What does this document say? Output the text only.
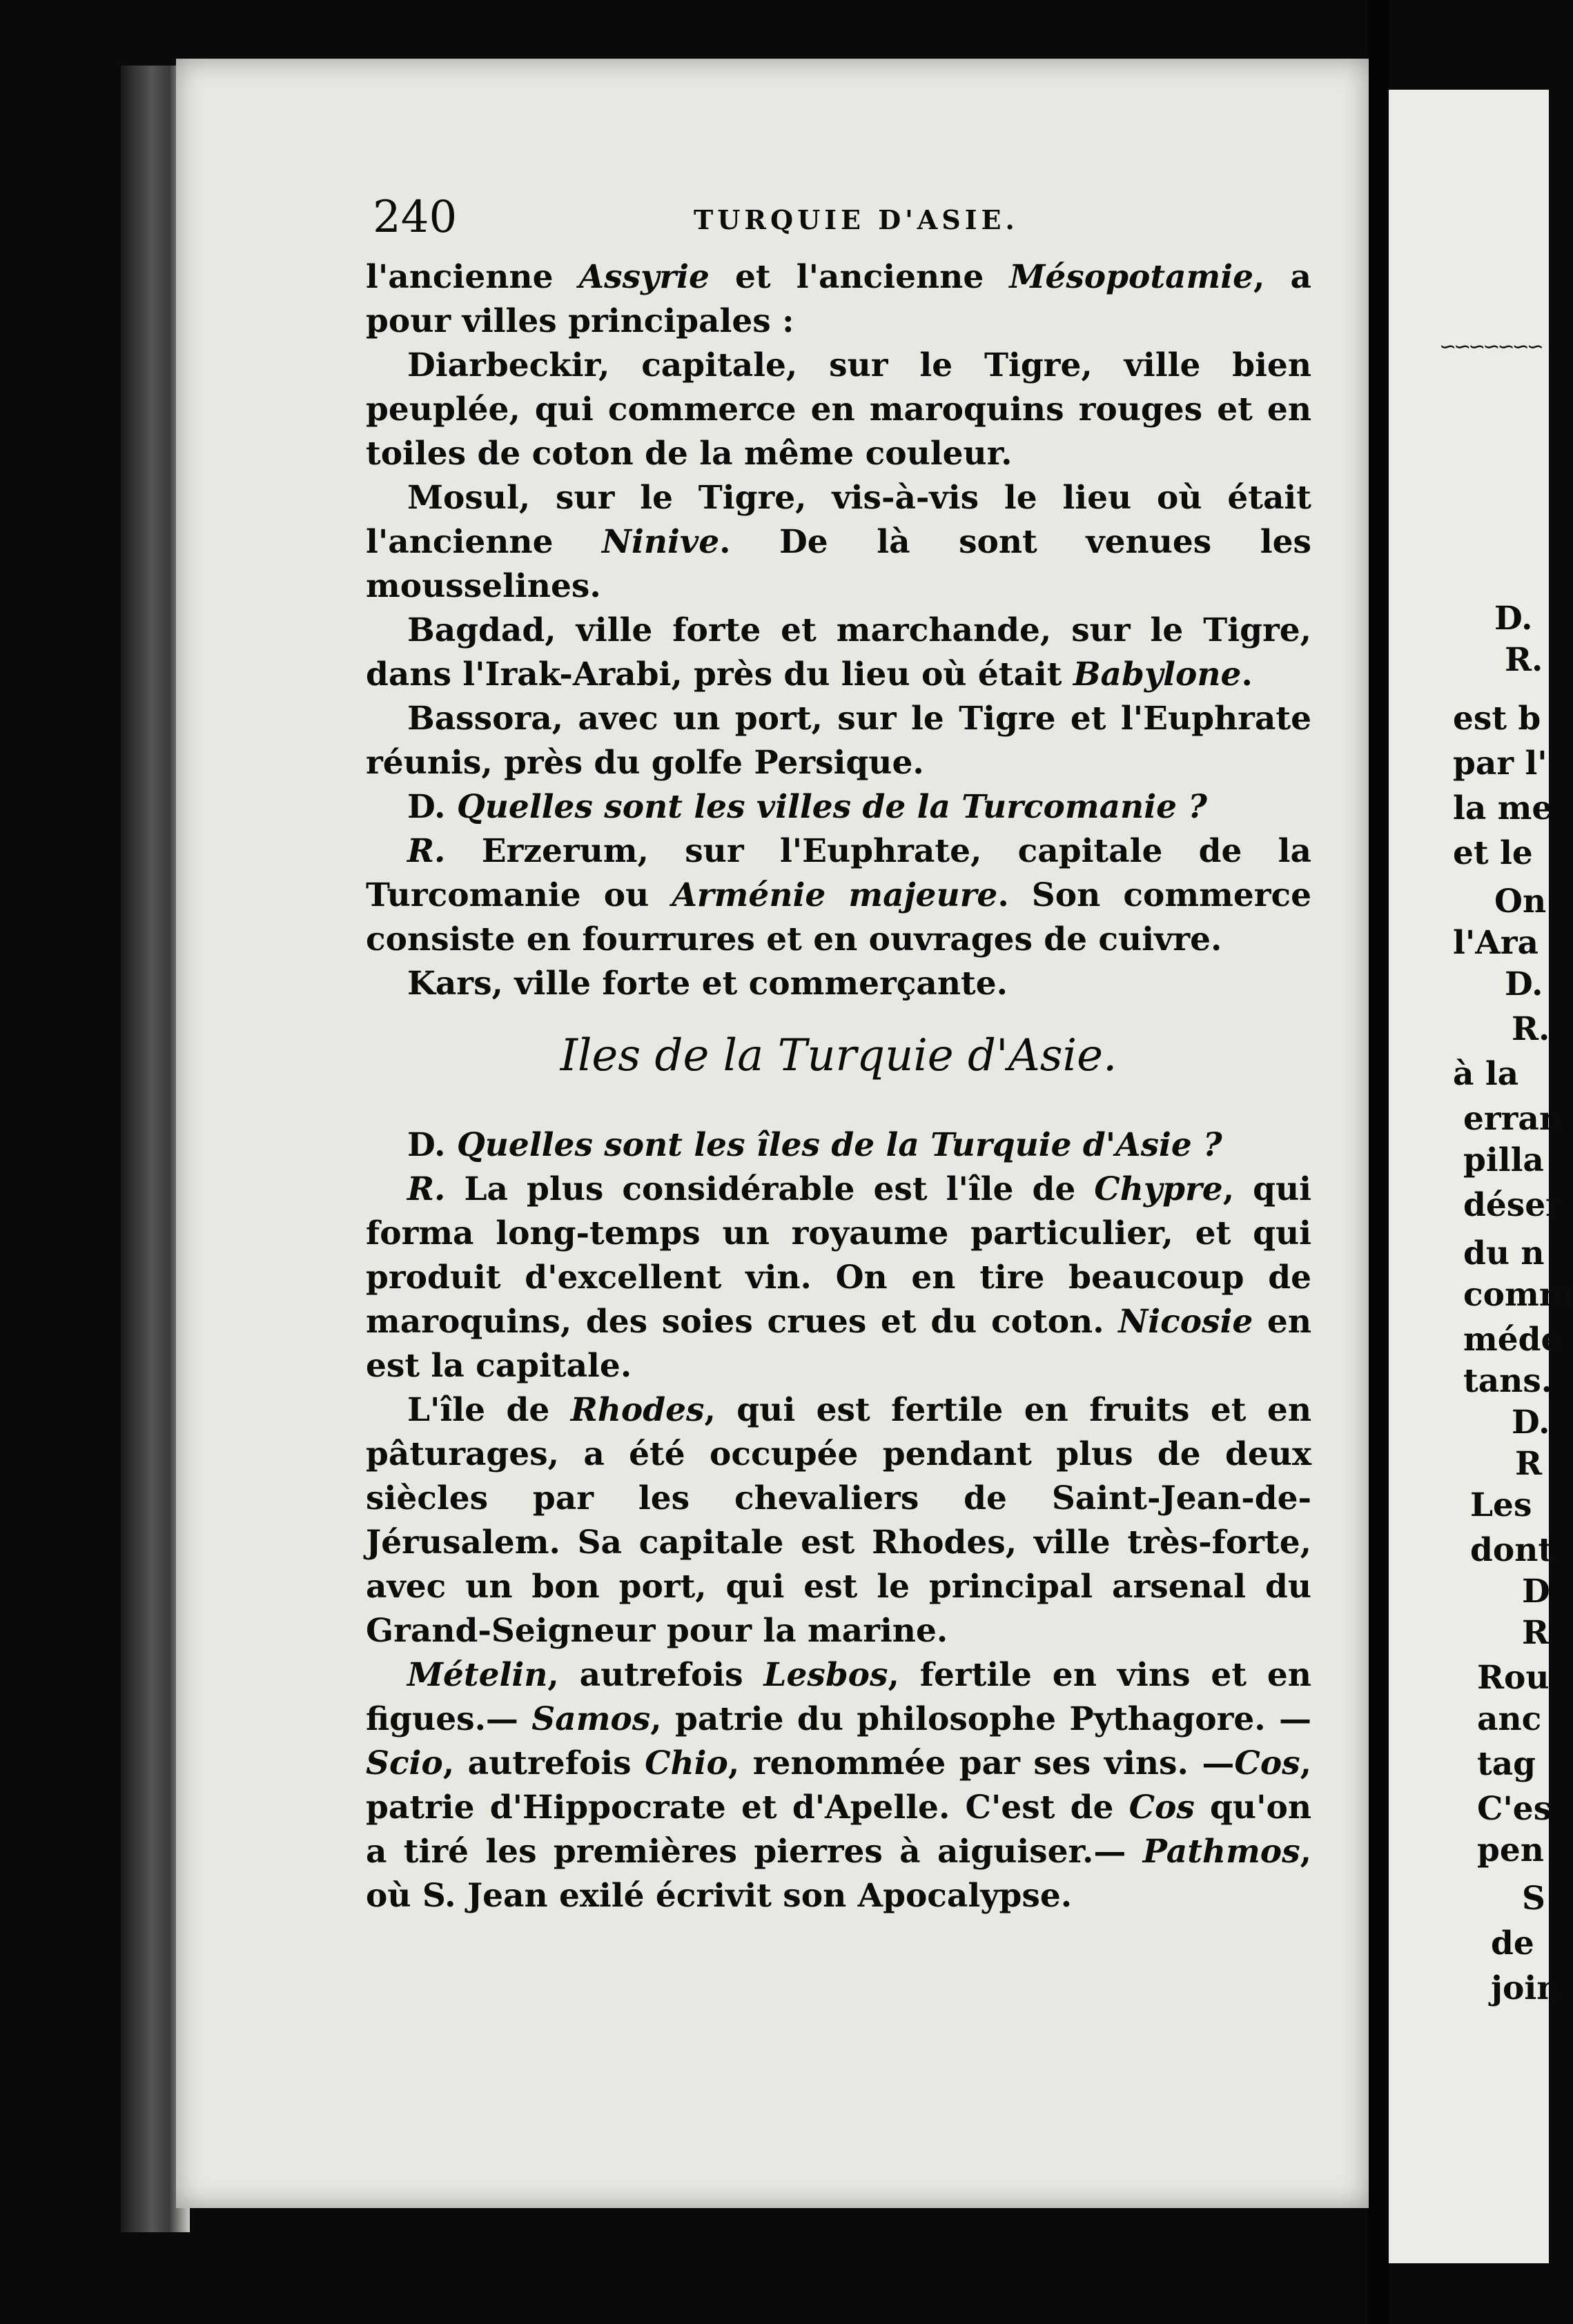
240	TURQUIE D'ASIE.

l'ancienne Assyrie et l'ancienne Mésopotamie, a pour villes principales :

Diarbeckir, capitale, sur le Tigre, ville bien peuplée, qui commerce en maroquins rouges et en toiles de coton de la même couleur.

Mosul, sur le Tigre, vis-à-vis le lieu où était l'ancienne Ninive. De là sont venues les mousselines.

Bagdad, ville forte et marchande, sur le Tigre, dans l'Irak-Arabi, près du lieu où était Babylone.

Bassora, avec un port, sur le Tigre et l'Euphrate réunis, près du golfe Persique.

D. Quelles sont les villes de la Turcomanie ?

R. Erzerum, sur l'Euphrate, capitale de la Turcomanie ou Arménie majeure. Son commerce consiste en fourrures et en ouvrages de cuivre.

Kars, ville forte et commerçante.

Iles de la Turquie d'Asie.

D. Quelles sont les îles de la Turquie d'Asie ?

R. La plus considérable est l'île de Chypre, qui forma long-temps un royaume particulier, et qui produit d'excellent vin. On en tire beaucoup de maroquins, des soies crues et du coton. Nicosie en est la capitale.

L'île de Rhodes, qui est fertile en fruits et en pâturages, a été occupée pendant plus de deux siècles par les chevaliers de Saint-Jean-de-Jérusalem. Sa capitale est Rhodes, ville très-forte, avec un bon port, qui est le principal arsenal du Grand-Seigneur pour la marine.

Mételin, autrefois Lesbos, fertile en vins et en figues.— Samos, patrie du philosophe Pythagore. —Scio, autrefois Chio, renommée par ses vins. —Cos, patrie d'Hippocrate et d'Apelle. C'est de Cos qu'on a tiré les premières pierres à aiguiser.— Pathmos, où S. Jean exilé écrivit son Apocalypse.

∽∽∽∽∽∽∽
D.
R.
est b
par l'
la me
et le
On
l'Ara
D.
R.
à la
erran
pilla
déser
du n
comm
méde
tans.
D.
R
Les
dont
D
R
Rou
anc
tag
C'es
pen
S
de
join
